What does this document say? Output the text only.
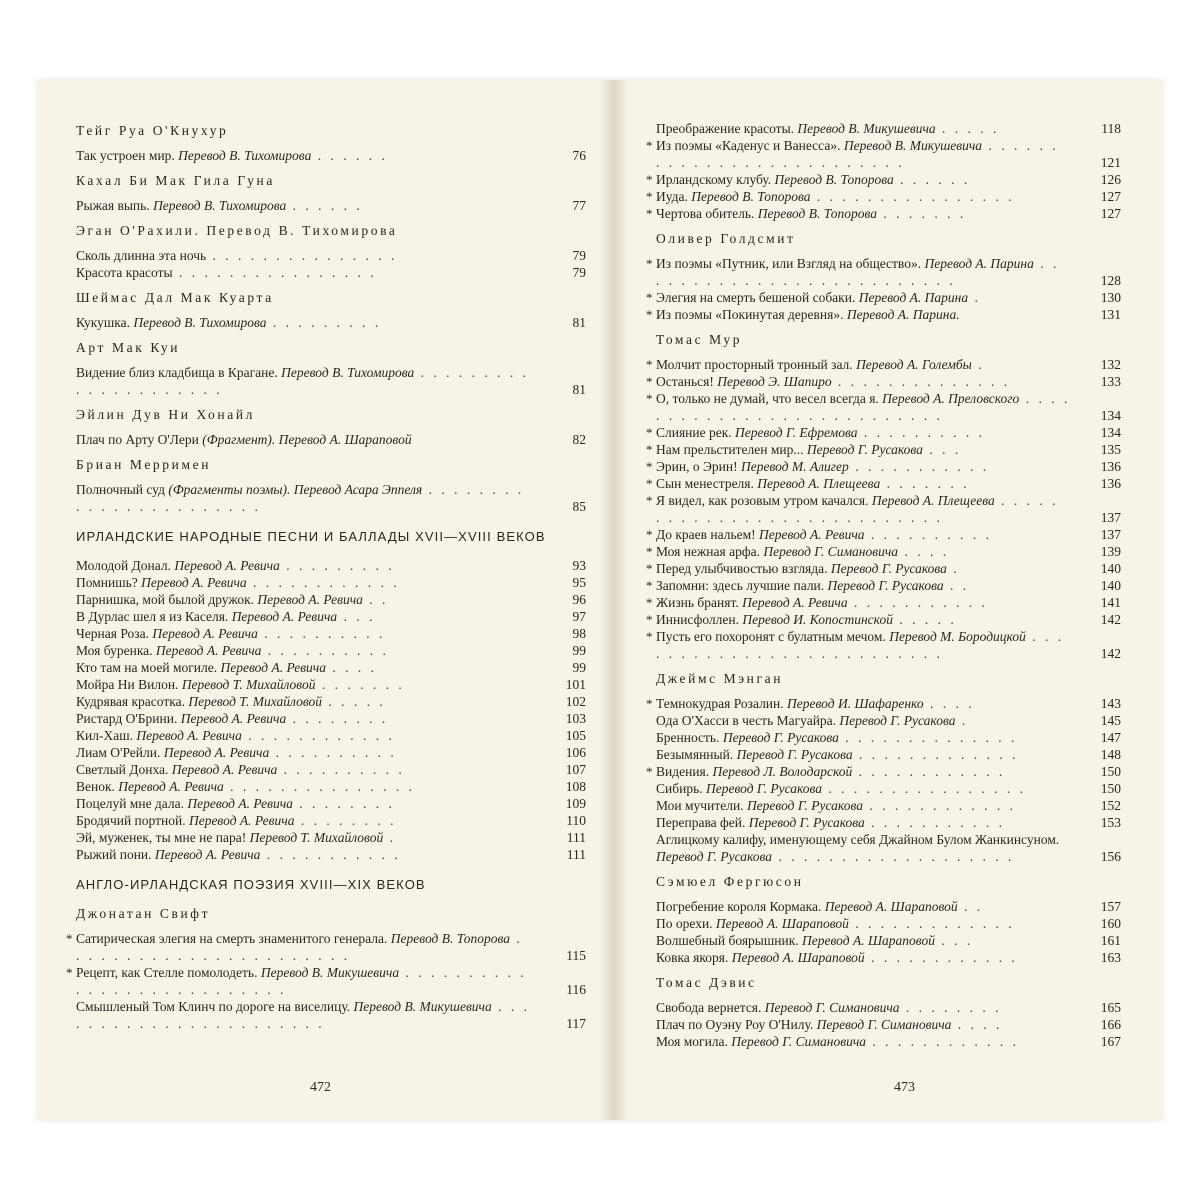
Тейг Руа О'Кнухур
Так устроен мир. Перевод В. Тихомирова . . . . . .	76
Кахал Би Мак Гила Гуна
Рыжая выпь. Перевод В. Тихомирова . . . . . .	77
Эган О'Рахили. Перевод В. Тихомирова
Сколь длинна эта ночь . . . . . . . . . . . . . . .	79
Красота красоты . . . . . . . . . . . . . . . .	79
Шеймас Дал Мак Куарта
Кукушка. Перевод В. Тихомирова . . . . . . . . .	81
Арт Мак Куи
Видение близ кладбища в Крагане. Перевод В. Тихомирова . . . . . . . . . . . . . . . . . . . . .	81
Эйлин Дув Ни Хонайл
Плач по Арту О'Лери (Фрагмент). Перевод А. Шараповой	82
Бриан Мерримен
Полночный суд (Фрагменты поэмы). Перевод Асара Эппеля . . . . . . . . . . . . . . . . . . . . . . .	85
ИРЛАНДСКИЕ НАРОДНЫЕ ПЕСНИ И БАЛЛАДЫ XVII—XVIII ВЕКОВ
Молодой Донал. Перевод А. Ревича . . . . . . . . .	93
Помнишь? Перевод А. Ревича . . . . . . . . . . . .	95
Парнишка, мой былой дружок. Перевод А. Ревича . .	96
В Дурлас шел я из Каселя. Перевод А. Ревича . . .	97
Черная Роза. Перевод А. Ревича . . . . . . . . . .	98
Моя буренка. Перевод А. Ревича . . . . . . . . . .	99
Кто там на моей могиле. Перевод А. Ревича . . . .	99
Мойра Ни Вилон. Перевод Т. Михайловой . . . . . . .	101
Кудрявая красотка. Перевод Т. Михайловой . . . . .	102
Ристард О'Брини. Перевод А. Ревича . . . . . . . .	103
Кил-Хаш. Перевод А. Ревича . . . . . . . . . . . .	105
Лиам О'Рейли. Перевод А. Ревича . . . . . . . . . .	106
Светлый Донха. Перевод А. Ревича . . . . . . . . . .	107
Венок. Перевод А. Ревича . . . . . . . . . . . . . . .	108
Поцелуй мне дала. Перевод А. Ревича . . . . . . . .	109
Бродячий портной. Перевод А. Ревича . . . . . . . .	110
Эй, муженек, ты мне не пара! Перевод Т. Михайловой .	111
Рыжий пони. Перевод А. Ревича . . . . . . . . . . .	111
АНГЛО-ИРЛАНДСКАЯ ПОЭЗИЯ XVIII—XIX ВЕКОВ
Джонатан Свифт
* Сатирическая элегия на смерть знаменитого генерала. Перевод В. Топорова . . . . . . . . . . . . . . . . . . . . . . .	115
* Рецепт, как Стелле помолодеть. Перевод В. Микушевича . . . . . . . . . . . . . . . . . . . . . . . . . . .	116
Смышленый Том Клинч по дороге на виселицу. Перевод В. Микушевича . . . . . . . . . . . . . . . . . . . . . . .	117
472
Преображение красоты. Перевод В. Микушевича . . . . .	118
* Из поэмы «Каденус и Ванесса». Перевод В. Микушевича . . . . . . . . . . . . . . . . . . . . . . . . . .	121
* Ирландскому клубу. Перевод В. Топорова . . . . . .	126
* Иуда. Перевод В. Топорова . . . . . . . . . . . . . . . .	127
* Чертова обитель. Перевод В. Топорова . . . . . . .	127
Оливер Голдсмит
* Из поэмы «Путник, или Взгляд на общество». Перевод А. Парина . . . . . . . . . . . . . . . . . . . . . . . . . .	128
* Элегия на смерть бешеной собаки. Перевод А. Парина .	130
* Из поэмы «Покинутая деревня». Перевод А. Парина.	131
Томас Мур
* Молчит просторный тронный зал. Перевод А. Голембы .	132
* Останься! Перевод Э. Шапиро . . . . . . . . . . . . . .	133
* О, только не думай, что весел всегда я. Перевод А. Преловского . . . . . . . . . . . . . . . . . . . . . . . . . . .	134
* Слияние рек. Перевод Г. Ефремова . . . . . . . . . .	134
* Нам прельстителен мир... Перевод Г. Русакова . . .	135
* Эрин, о Эрин! Перевод М. Алигер . . . . . . . . . . .	136
* Сын менестреля. Перевод А. Плещеева . . . . . . .	136
* Я видел, как розовым утром качался. Перевод А. Плещеева . . . . . . . . . . . . . . . . . . . . . . . . . . . .	137
* До краев нальем! Перевод А. Ревича . . . . . . . . . .	137
* Моя нежная арфа. Перевод Г. Симановича . . . .	139
* Перед улыбчивостью взгляда. Перевод Г. Русакова .	140
* Запомни: здесь лучшие пали. Перевод Г. Русакова . .	140
* Жизнь бранят. Перевод А. Ревича . . . . . . . . . . .	141
* Иннисфоллен. Перевод И. Копостинской . . . . .	142
* Пусть его похоронят с булатным мечом. Перевод М. Бородицкой . . . . . . . . . . . . . . . . . . . . . . . . . .	142
Джеймс Мэнган
* Темнокудрая Розалин. Перевод И. Шафаренко . . . .	143
Ода О'Хасси в честь Магуайра. Перевод Г. Русакова .	145
Бренность. Перевод Г. Русакова . . . . . . . . . . . . . .	147
Безымянный. Перевод Г. Русакова . . . . . . . . . . . . .	148
* Видения. Перевод Л. Володарской . . . . . . . . . . . .	150
Сибирь. Перевод Г. Русакова . . . . . . . . . . . . . . . .	150
Мои мучители. Перевод Г. Русакова . . . . . . . . . . . .	152
Переправа фей. Перевод Г. Русакова . . . . . . . . . . .	153
Аглицкому калифу, именующему себя Джайном Булом Жанкинсуном. Перевод Г. Русакова . . . . . . . . . . . . . . . . . . .	156
Сэмюел Фергюсон
Погребение короля Кормака. Перевод А. Шараповой . .	157
По орехи. Перевод А. Шараповой . . . . . . . . . . . . .	160
Волшебный боярышник. Перевод А. Шараповой . . .	161
Ковка якоря. Перевод А. Шараповой . . . . . . . . . . . .	163
Томас Дэвис
Свобода вернется. Перевод Г. Симановича . . . . . . . .	165
Плач по Оуэну Роу О'Нилу. Перевод Г. Симановича . . . .	166
Моя могила. Перевод Г. Симановича . . . . . . . . . . . .	167
473
